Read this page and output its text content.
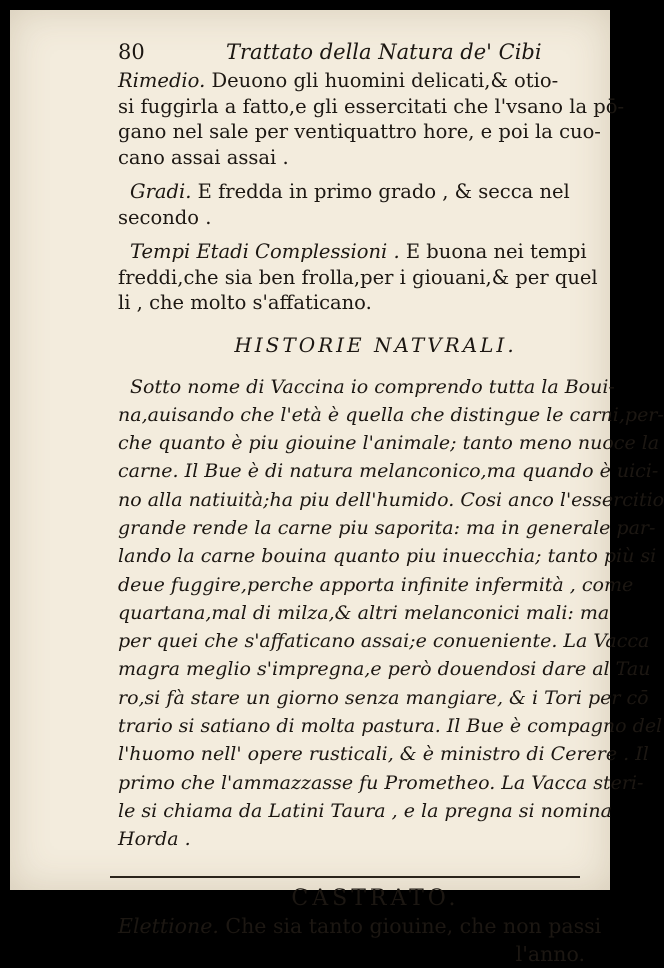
80	Trattato della Natura de' Cibi
Rimedio. Deuono gli huomini delicati,& otio-
si fuggirla a fatto,e gli essercitati che l'vsano la pō-
gano nel sale per ventiquattro hore, e poi la cuo-
cano assai assai .
Gradi. E fredda in primo grado , & secca nel
secondo .
Tempi Etadi Complessioni . E buona nei tempi
freddi,che sia ben frolla,per i giouani,& per quel
li , che molto s'affaticano.
HISTORIE NATVRALI.
Sotto nome di Vaccina io comprendo tutta la Boui-
na,auisando che l'età è quella che distingue le carni,per-
che quanto è piu giouine l'animale; tanto meno nuoce la
carne. Il Bue è di natura melanconico,ma quando è uici-
no alla natiuità;ha piu dell'humido. Cosi anco l'essercitio
grande rende la carne piu saporita: ma in generale par-
lando la carne bouina quanto piu inuecchia; tanto più si
deue fuggire,perche apporta infinite infermità , come
quartana,mal di milza,& altri melanconici mali: ma
per quei che s'affaticano assai;e conueniente. La Vacca
magra meglio s'impregna,e però douendosi dare al Tau
ro,si fà stare un giorno senza mangiare, & i Tori per cō
trario si satiano di molta pastura. Il Bue è compagno del
l'huomo nell' opere rusticali, & è ministro di Cerere . Il
primo che l'ammazzasse fu Prometheo. La Vacca steri-
le si chiama da Latini Taura , e la pregna si nomina
Horda .
CASTRATO.
Elettione. Che sia tanto giouine, che non passi
l'anno.
